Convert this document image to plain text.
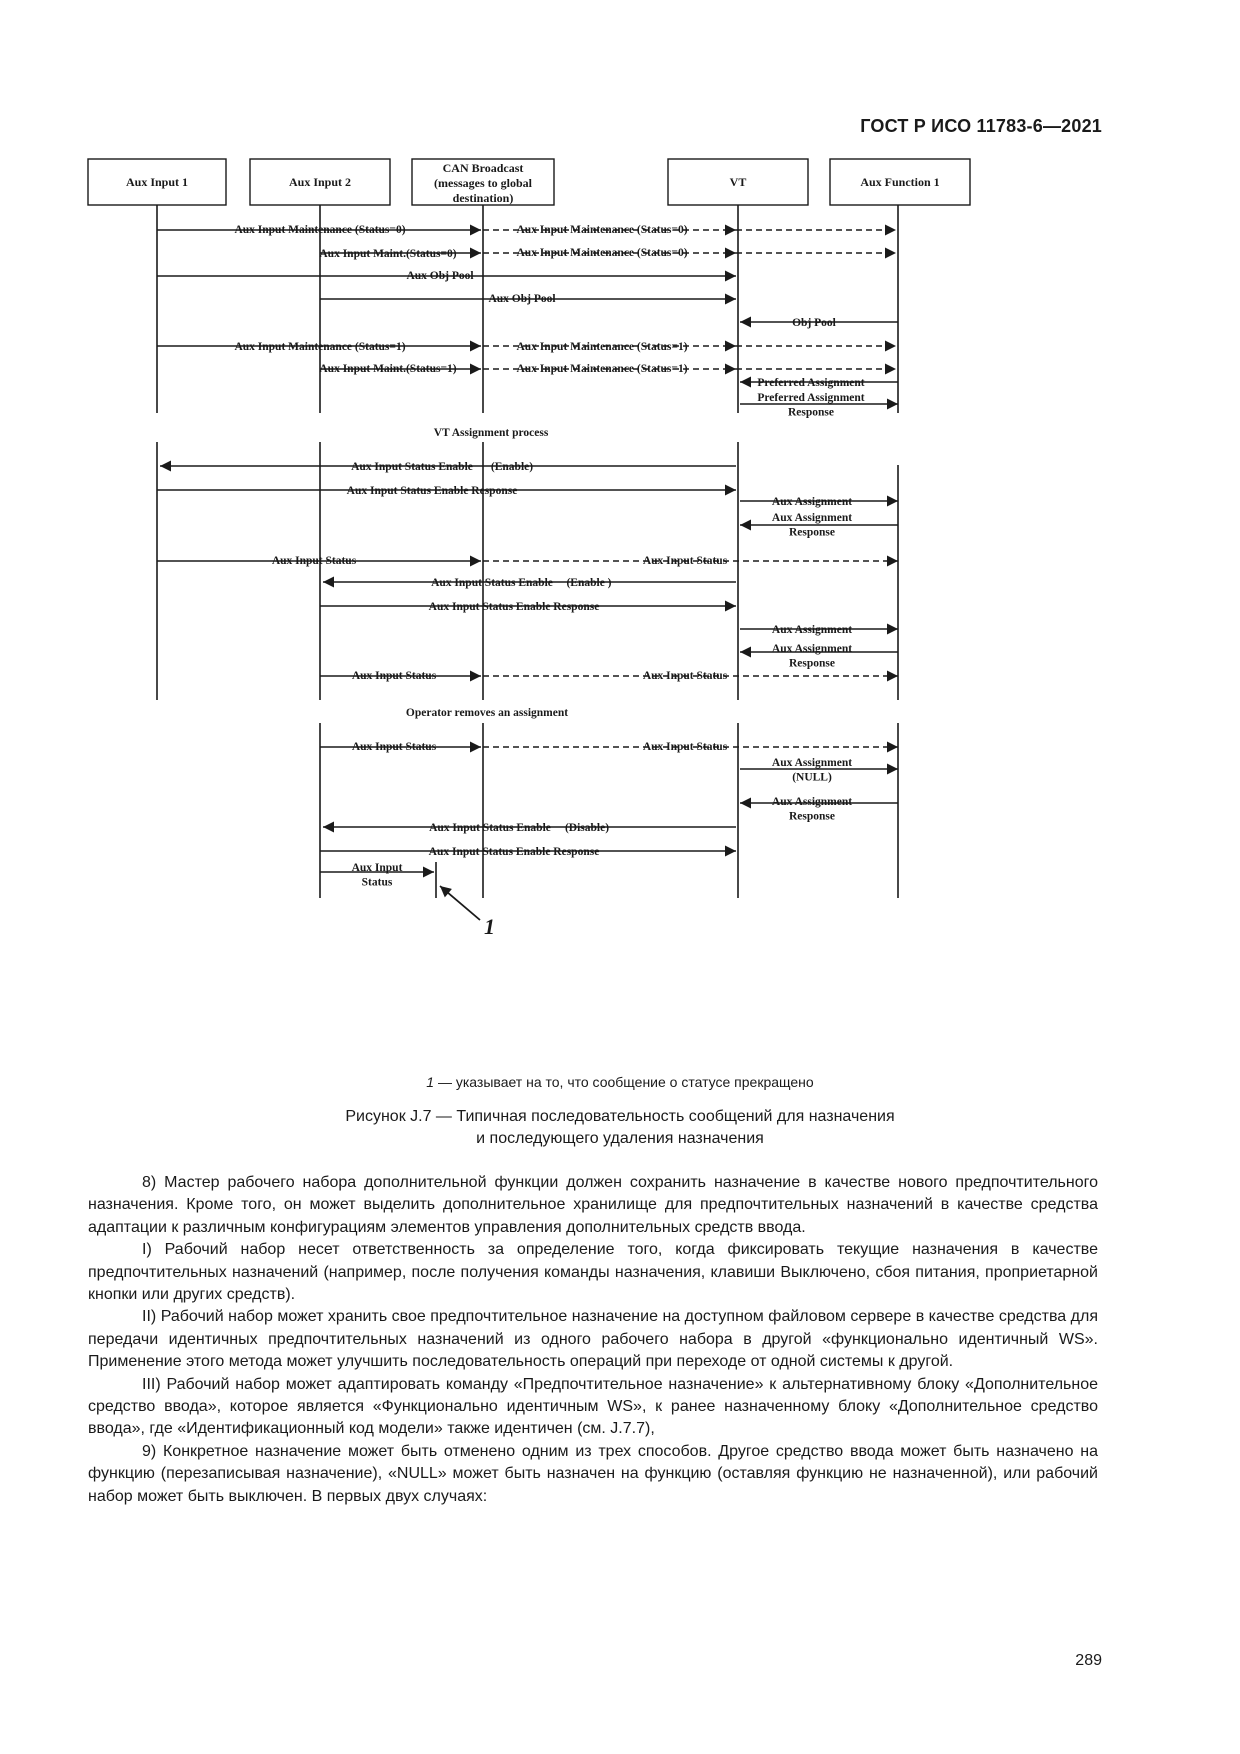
ГОСТ Р ИСО 11783-6—2021
Aux Input 1	Aux Input 2
CAN Broadcast (messages to global destination)
VT	Aux Function 1
Aux Input Maintenance (Status=0)	Aux Input Maintenance (Status=0)
Aux Input Maint.(Status=0)	Aux Input Maintenance (Status=0)
Aux Obj Pool
Aux Obj Pool
Obj Pool
Aux Input Maintenance (Status=1)	Aux Input Maintenance (Status=1)
Aux Input Maint.(Status=1)	Aux Input Maintenance (Status=1)
Preferred Assignment
Preferred Assignment Response
VT Assignment process
Aux Input Status Enable (Enable)
Aux Input Status Enable Response
Aux Assignment
Aux Assignment Response
Aux Input Status	Aux Input Status
Aux Input Status Enable (Enable )
Aux Input Status Enable Response
Aux Assignment
Aux Assignment Response
Aux Input Status	Aux Input Status
Operator removes an assignment
Aux Input Status	Aux Input Status
Aux Assignment (NULL)
Aux Assignment Response
Aux Input Status Enable (Disable)
Aux Input Status Enable Response
Aux Input Status
1
1 — указывает на то, что сообщение о статусе прекращено
Рисунок J.7 — Типичная последовательность сообщений для назначения
и последующего удаления назначения

8) Мастер рабочего набора дополнительной функции должен сохранить назначение в качестве нового предпочтительного назначения. Кроме того, он может выделить дополнительное хранилище для предпочтительных назначений в качестве средства адаптации к различным конфигурациям элементов управления дополнительных средств ввода.

I) Рабочий набор несет ответственность за определение того, когда фиксировать текущие назначения в качестве предпочтительных назначений (например, после получения команды назначения, клавиши Выключено, сбоя питания, проприетарной кнопки или других средств).

II) Рабочий набор может хранить свое предпочтительное назначение на доступном файловом сервере в качестве средства для передачи идентичных предпочтительных назначений из одного рабочего набора в другой «функционально идентичный WS». Применение этого метода может улучшить последовательность операций при переходе от одной системы к другой.

III) Рабочий набор может адаптировать команду «Предпочтительное назначение» к альтернативному блоку «Дополнительное средство ввода», которое является «Функционально идентичным WS», к ранее назначенному блоку «Дополнительное средство ввода», где «Идентификационный код модели» также идентичен (см. J.7.7),

9) Конкретное назначение может быть отменено одним из трех способов. Другое средство ввода может быть назначено на функцию (перезаписывая назначение), «NULL» может быть назначен на функцию (оставляя функцию не назначенной), или рабочий набор может быть выключен. В первых двух случаях:

289
